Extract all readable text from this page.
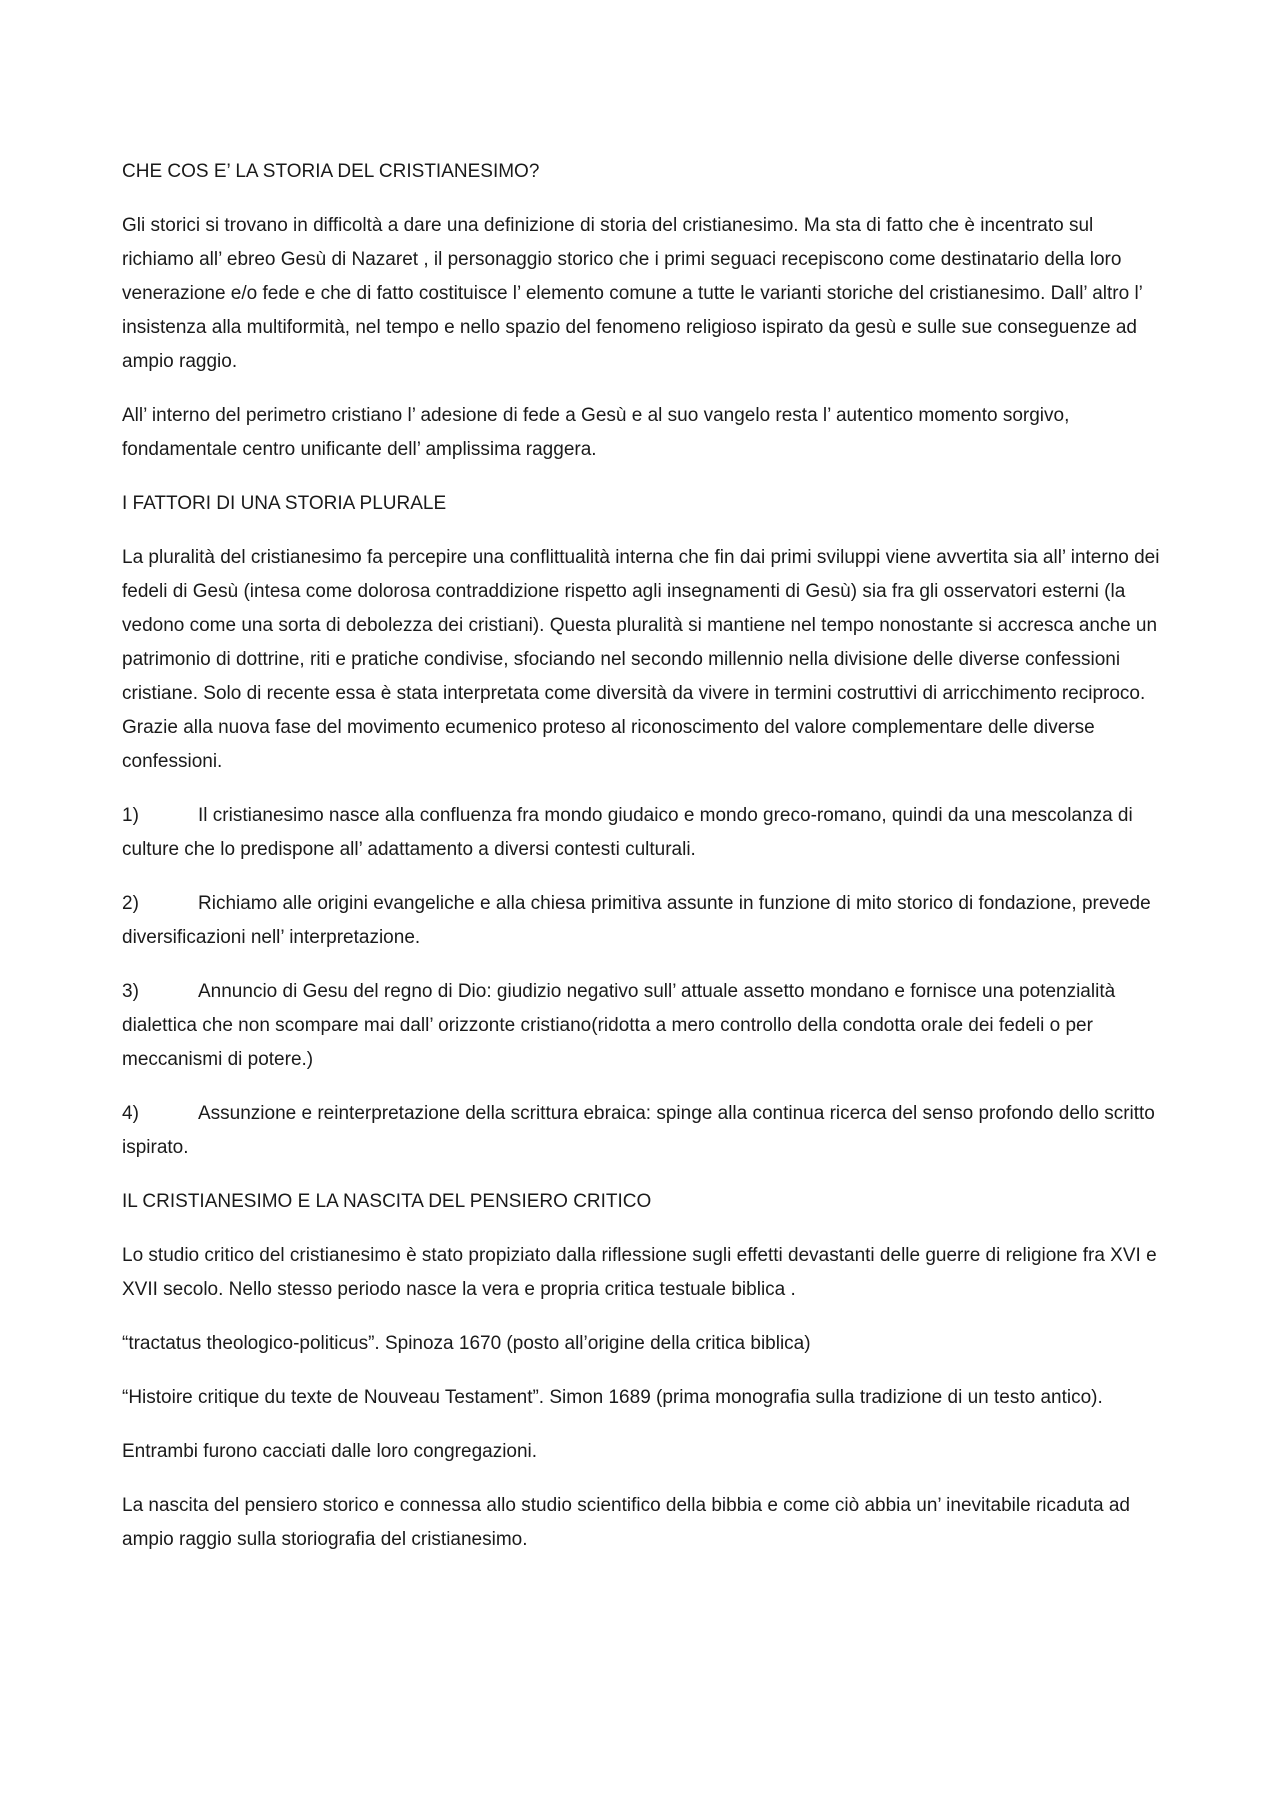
CHE COS E’ LA STORIA DEL CRISTIANESIMO?

Gli storici si trovano in difficoltà a dare una definizione di storia del cristianesimo. Ma sta di fatto che è incentrato sul richiamo all’ ebreo Gesù di Nazaret , il personaggio storico che i primi seguaci recepiscono come destinatario della loro venerazione e/o fede e che di fatto costituisce l’ elemento comune a tutte le varianti storiche del cristianesimo. Dall’ altro l’ insistenza alla multiformità, nel tempo e nello spazio del fenomeno religioso ispirato da gesù e sulle sue conseguenze ad ampio raggio.

All’ interno del perimetro cristiano l’ adesione di fede a Gesù e al suo vangelo resta l’ autentico momento sorgivo, fondamentale centro unificante dell’ amplissima raggera.

I FATTORI DI UNA STORIA PLURALE

La pluralità del cristianesimo fa percepire una conflittualità interna che fin dai primi sviluppi viene avvertita sia all’ interno dei fedeli di Gesù (intesa come dolorosa contraddizione rispetto agli insegnamenti di Gesù) sia fra gli osservatori esterni (la vedono come una sorta di debolezza dei cristiani). Questa pluralità si mantiene nel tempo nonostante si accresca anche un patrimonio di dottrine, riti e pratiche condivise, sfociando nel secondo millennio nella divisione delle diverse confessioni cristiane. Solo di recente essa è stata interpretata come diversità da vivere in termini costruttivi di arricchimento reciproco. Grazie alla nuova fase del movimento ecumenico proteso al riconoscimento del valore complementare delle diverse confessioni.

1)	Il cristianesimo nasce alla confluenza fra mondo giudaico e mondo greco-romano, quindi da una mescolanza di culture che lo predispone all’ adattamento a diversi contesti culturali.

2)	Richiamo alle origini evangeliche e alla chiesa primitiva assunte in funzione di mito storico di fondazione, prevede diversificazioni nell’ interpretazione.

3)	Annuncio di Gesu del regno di Dio: giudizio negativo sull’ attuale assetto mondano e fornisce una potenzialità dialettica che non scompare mai dall’ orizzonte cristiano(ridotta a mero controllo della condotta orale dei fedeli o per meccanismi di potere.)

4)	Assunzione e reinterpretazione della scrittura ebraica: spinge alla continua ricerca del senso profondo dello scritto ispirato.

IL CRISTIANESIMO E LA NASCITA DEL PENSIERO CRITICO

Lo studio critico del cristianesimo è stato propiziato dalla riflessione sugli effetti devastanti delle guerre di religione fra XVI e XVII secolo. Nello stesso periodo nasce la vera e propria critica testuale biblica .

“tractatus theologico-politicus”. Spinoza 1670 (posto all’origine della critica biblica)

“Histoire critique du texte de Nouveau Testament”. Simon 1689 (prima monografia sulla tradizione di un testo antico).

Entrambi furono cacciati dalle loro congregazioni.

La nascita del pensiero storico e connessa allo studio scientifico della bibbia e come ciò abbia un’ inevitabile ricaduta ad ampio raggio sulla storiografia del cristianesimo.
